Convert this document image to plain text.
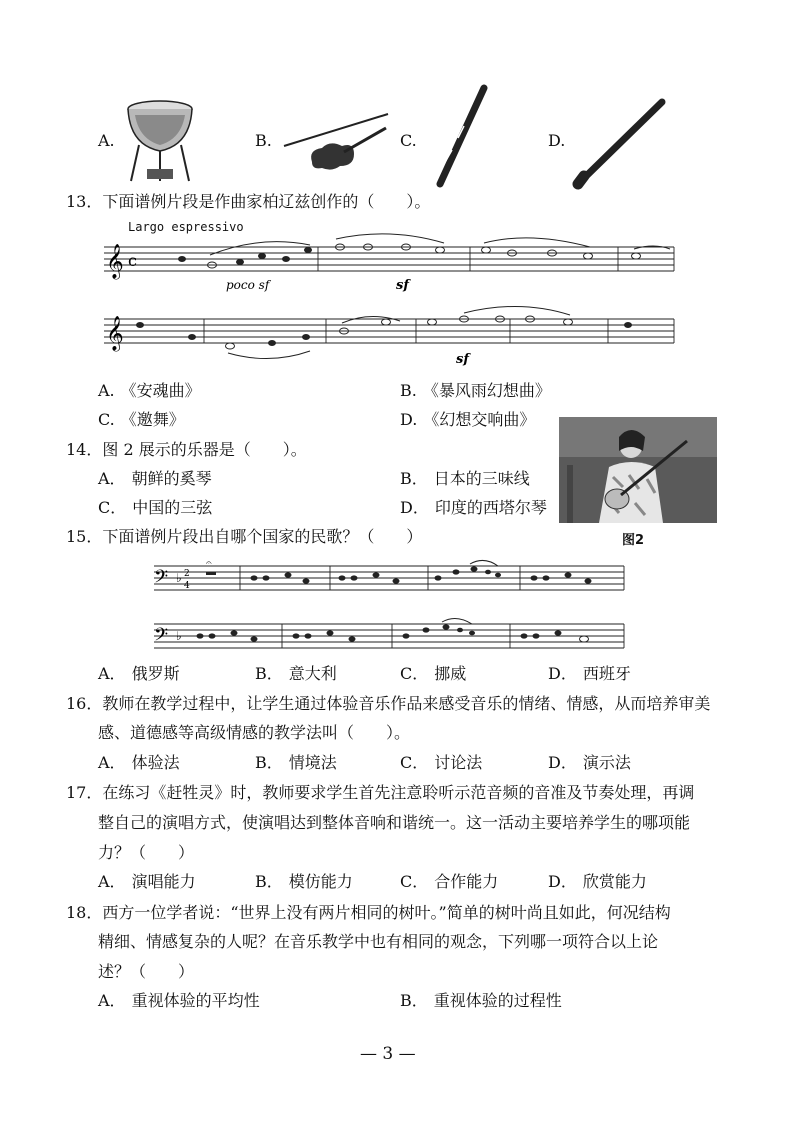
A.	B.	C.	D.
13．下面谱例片段是作曲家柏辽兹创作的（　　）。
Largo espressivo
𝄞 c
poco sf	sf
𝄞
sf
A. 《安魂曲》	B. 《暴风雨幻想曲》
C. 《邀舞》	D. 《幻想交响曲》
14．图 2 展示的乐器是（　　）。
A． 朝鲜的奚琴	B． 日本的三味线
C． 中国的三弦	D． 印度的西塔尔琴
图2
15．下面谱例片段出自哪个国家的民歌？（　　）
𝄢 ♭ 2
4
𝄐
𝄢 ♭
A． 俄罗斯	B． 意大利	C． 挪威	D． 西班牙
16．教师在教学过程中，让学生通过体验音乐作品来感受音乐的情绪、情感，从而培养审美
感、道德感等高级情感的教学法叫（　　）。
A． 体验法	B． 情境法	C． 讨论法	D． 演示法
17．在练习《赶牲灵》时，教师要求学生首先注意聆听示范音频的音准及节奏处理，再调
整自己的演唱方式，使演唱达到整体音响和谐统一。这一活动主要培养学生的哪项能
力？（　　）
A． 演唱能力	B． 模仿能力	C． 合作能力	D． 欣赏能力
18．西方一位学者说：“世界上没有两片相同的树叶。”简单的树叶尚且如此，何况结构
精细、情感复杂的人呢？在音乐教学中也有相同的观念，下列哪一项符合以上论
述？（　　）
A． 重视体验的平均性	B． 重视体验的过程性
— 3 —
